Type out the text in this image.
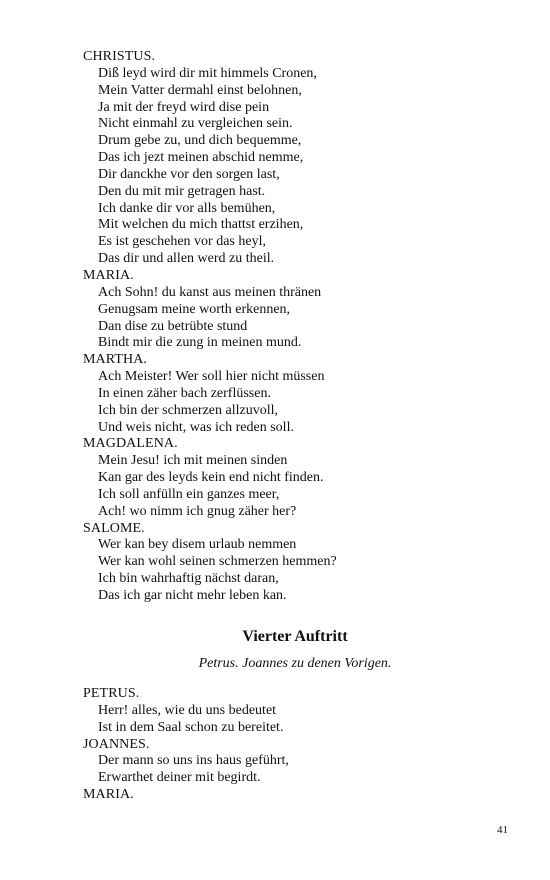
CHRISTUS.
Diß leyd wird dir mit himmels Cronen,
Mein Vatter dermahl einst belohnen,
Ja mit der freyd wird dise pein
Nicht einmahl zu vergleichen sein.
Drum gebe zu, und dich bequemme,
Das ich jezt meinen abschid nemme,
Dir danckhe vor den sorgen last,
Den du mit mir getragen hast.
Ich danke dir vor alls bemühen,
Mit welchen du mich thattst erzihen,
Es ist geschehen vor das heyl,
Das dir und allen werd zu theil.
MARIA.
Ach Sohn! du kanst aus meinen thränen
Genugsam meine worth erkennen,
Dan dise zu betrübte stund
Bindt mir die zung in meinen mund.
MARTHA.
Ach Meister! Wer soll hier nicht müssen
In einen zäher bach zerflüssen.
Ich bin der schmerzen allzuvoll,
Und weis nicht, was ich reden soll.
MAGDALENA.
Mein Jesu! ich mit meinen sinden
Kan gar des leyds kein end nicht finden.
Ich soll anfülln ein ganzes meer,
Ach! wo nimm ich gnug zäher her?
SALOME.
Wer kan bey disem urlaub nemmen
Wer kan wohl seinen schmerzen hemmen?
Ich bin wahrhaftig nächst daran,
Das ich gar nicht mehr leben kan.
Vierter Auftritt
Petrus. Joannes zu denen Vorigen.
PETRUS.
Herr! alles, wie du uns bedeutet
Ist in dem Saal schon zu bereitet.
JOANNES.
Der mann so uns ins haus geführt,
Erwarthet deiner mit begirdt.
MARIA.
41
